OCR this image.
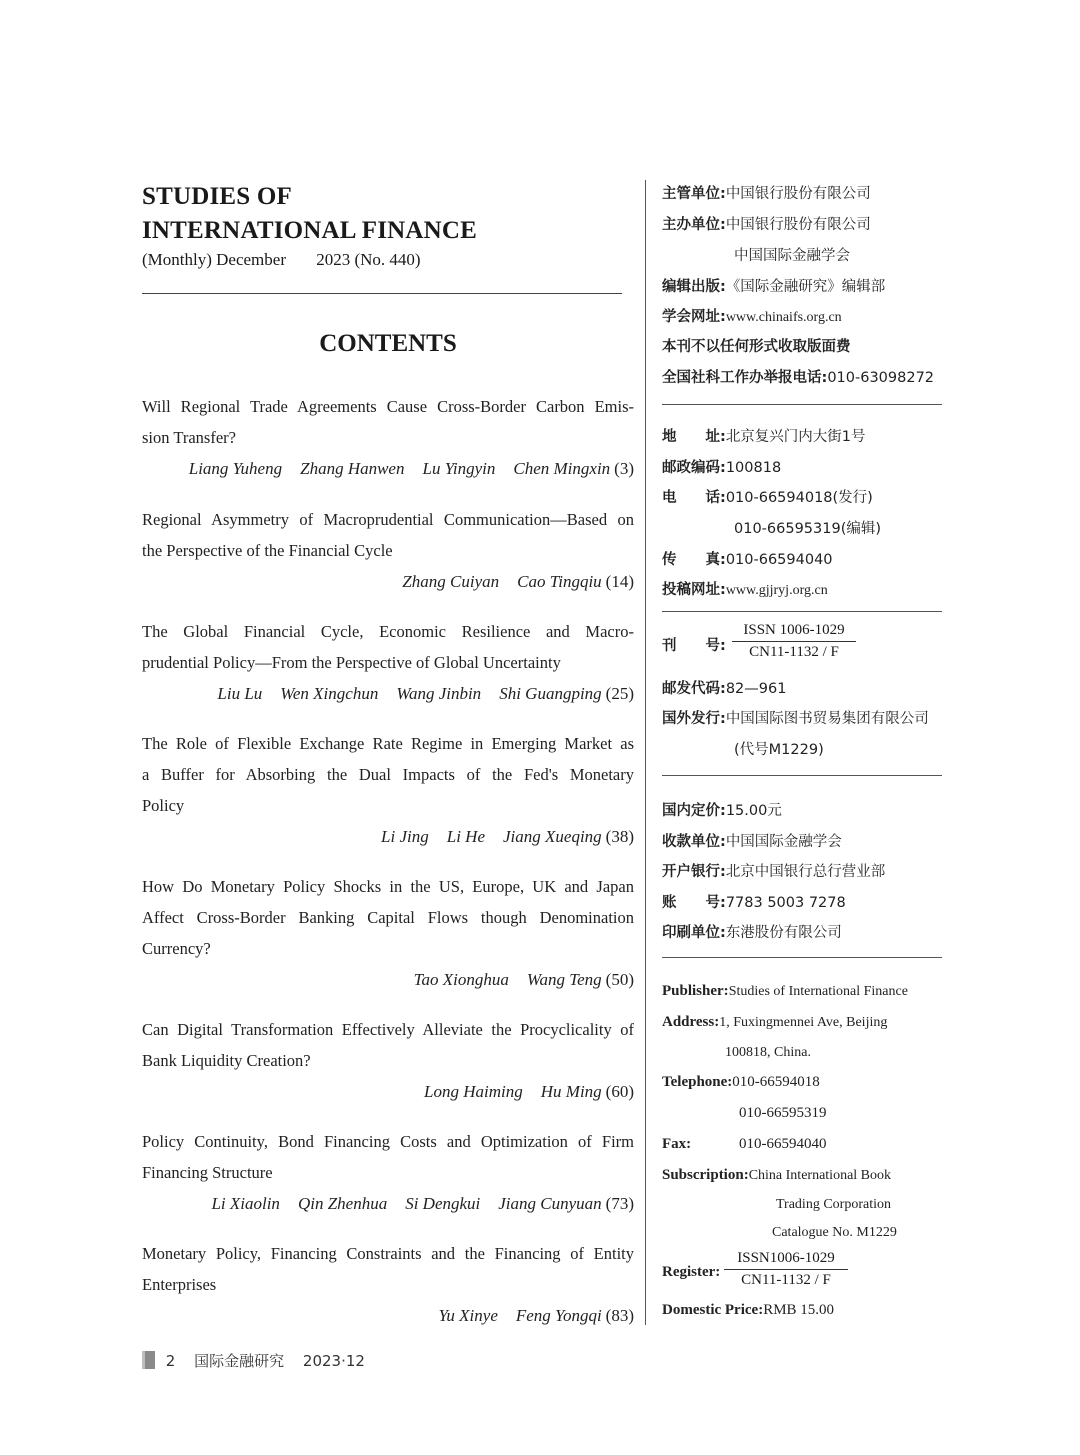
STUDIES OF
INTERNATIONAL FINANCE
(Monthly) December 2023 (No. 440)
CONTENTS
Will Regional Trade Agreements Cause Cross-Border Carbon Emis-
sion Transfer?
Liang Yuheng Zhang Hanwen Lu Yingyin Chen Mingxin (3)
Regional Asymmetry of Macroprudential Communication—Based on
the Perspective of the Financial Cycle
Zhang Cuiyan Cao Tingqiu (14)
The Global Financial Cycle, Economic Resilience and Macro-
prudential Policy—From the Perspective of Global Uncertainty
Liu Lu Wen Xingchun Wang Jinbin Shi Guangping (25)
The Role of Flexible Exchange Rate Regime in Emerging Market as
a Buffer for Absorbing the Dual Impacts of the Fed's Monetary
Policy
Li Jing Li He Jiang Xueqing (38)
How Do Monetary Policy Shocks in the US, Europe, UK and Japan
Affect Cross-Border Banking Capital Flows though Denomination
Currency?
Tao Xionghua Wang Teng (50)
Can Digital Transformation Effectively Alleviate the Procyclicality of
Bank Liquidity Creation?
Long Haiming Hu Ming (60)
Policy Continuity, Bond Financing Costs and Optimization of Firm
Financing Structure
Li Xiaolin Qin Zhenhua Si Dengkui Jiang Cunyuan (73)
Monetary Policy, Financing Constraints and the Financing of Entity
Enterprises
Yu Xinye Feng Yongqi (83)
主管单位:中国银行股份有限公司
主办单位:中国银行股份有限公司
中国国际金融学会
编辑出版:《国际金融研究》编辑部
学会网址:www.chinaifs.org.cn
本刊不以任何形式收取版面费
全国社科工作办举报电话:010-63098272
地　　址:北京复兴门内大街1号
邮政编码:100818
电　　话:010-66594018(发行)
010-66595319(编辑)
传　　真:010-66594040
投稿网址:www.gjjryj.org.cn
刊　　号:
ISSN 1006-1029
CN11-1132 / F
邮发代码:82—961
国外发行:中国国际图书贸易集团有限公司
(代号M1229)
国内定价:15.00元
收款单位:中国国际金融学会
开户银行:北京中国银行总行营业部
账　　号:7783 5003 7278
印刷单位:东港股份有限公司
Publisher:Studies of International Finance
Address:1, Fuxingmennei Ave, Beijing
100818, China.
Telephone:010-66594018
010-66595319
Fax:	010-66594040
Subscription:China International Book
Trading Corporation
Catalogue No. M1229
Register:
ISSN1006-1029
CN11-1132 / F
Domestic Price:RMB 15.00
2 国际金融研究 2023·12
